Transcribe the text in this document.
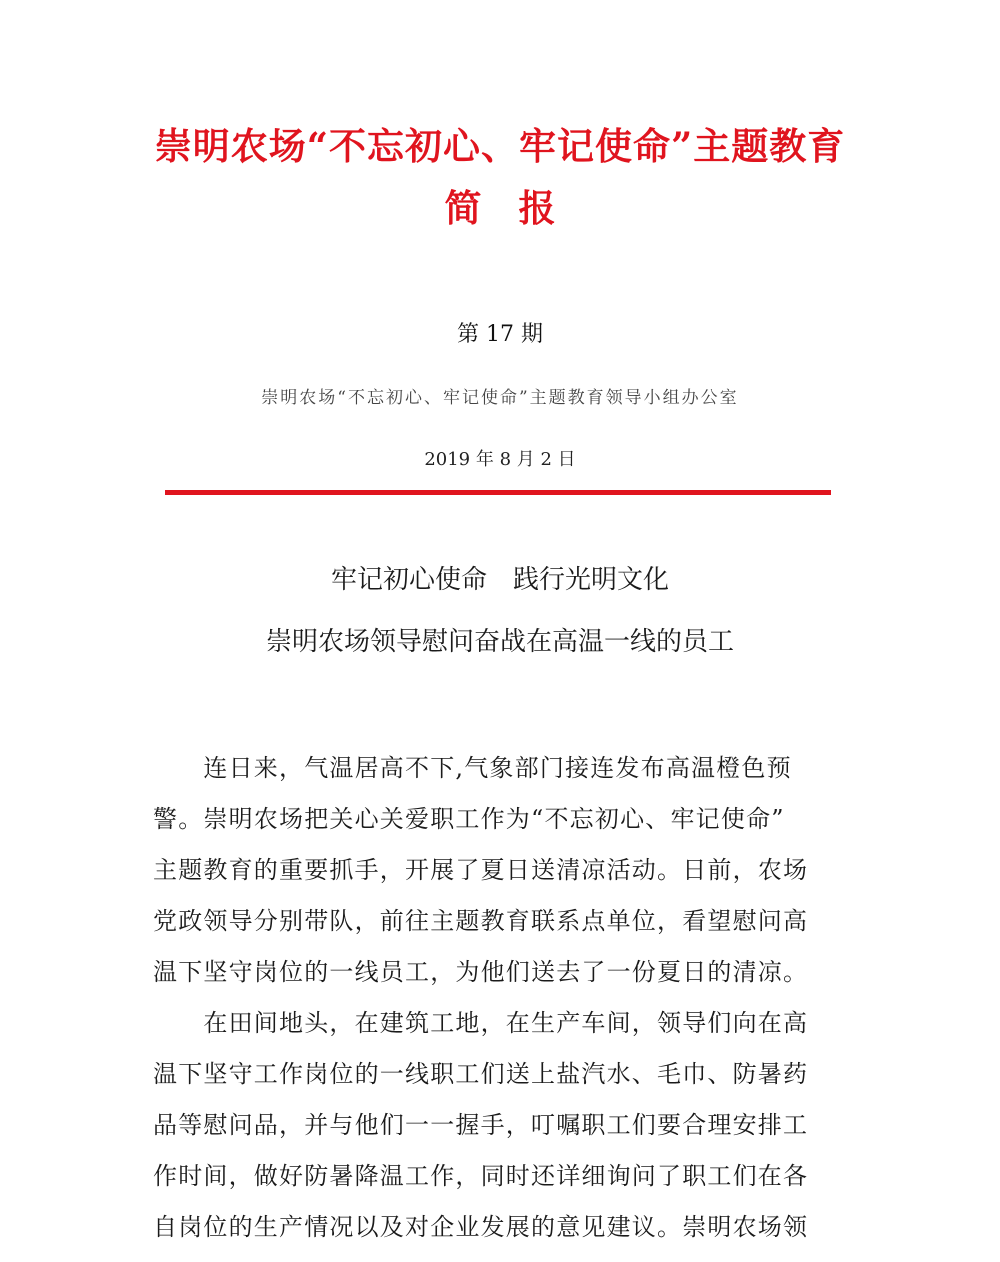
崇明农场“不忘初心、牢记使命”主题教育
简　报
第 17 期
崇明农场“不忘初心、牢记使命”主题教育领导小组办公室
2019 年 8 月 2 日
牢记初心使命　践行光明文化
崇明农场领导慰问奋战在高温一线的员工
　　连日来，气温居高不下,气象部门接连发布高温橙色预
警。崇明农场把关心关爱职工作为“不忘初心、牢记使命”
主题教育的重要抓手，开展了夏日送清凉活动。日前，农场
党政领导分别带队，前往主题教育联系点单位，看望慰问高
温下坚守岗位的一线员工，为他们送去了一份夏日的清凉。
　　在田间地头，在建筑工地，在生产车间，领导们向在高
温下坚守工作岗位的一线职工们送上盐汽水、毛巾、防暑药
品等慰问品，并与他们一一握手，叮嘱职工们要合理安排工
作时间，做好防暑降温工作，同时还详细询问了职工们在各
自岗位的生产情况以及对企业发展的意见建议。崇明农场领
